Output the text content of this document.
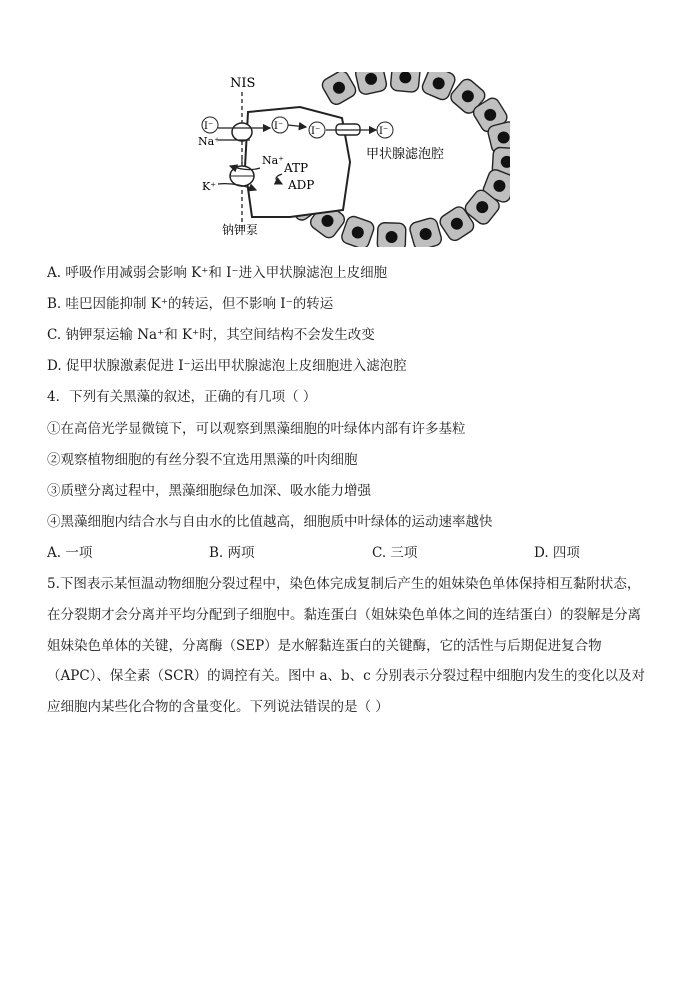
NIS
I⁻
Na⁺
I⁻	I⁻	I⁻
甲状腺滤泡腔
Na⁺
ATP
ADP
K⁺
钠钾泵
A. 呼吸作用减弱会影响 K⁺和 I⁻进入甲状腺滤泡上皮细胞
B. 哇巴因能抑制 K⁺的转运，但不影响 I⁻的转运
C. 钠钾泵运输 Na⁺和 K⁺时，其空间结构不会发生改变
D. 促甲状腺激素促进 I⁻运出甲状腺滤泡上皮细胞进入滤泡腔
4．下列有关黑藻的叙述，正确的有几项（ ）
①在高倍光学显微镜下，可以观察到黑藻细胞的叶绿体内部有许多基粒
②观察植物细胞的有丝分裂不宜选用黑藻的叶肉细胞
③质壁分离过程中，黑藻细胞绿色加深、吸水能力增强
④黑藻细胞内结合水与自由水的比值越高，细胞质中叶绿体的运动速率越快
A. 一项	B. 两项	C. 三项	D. 四项
5.下图表示某恒温动物细胞分裂过程中，染色体完成复制后产生的姐妹染色单体保持相互黏附状态，在分裂期才会分离并平均分配到子细胞中。黏连蛋白（姐妹染色单体之间的连结蛋白）的裂解是分离姐妹染色单体的关键，分离酶（SEP）是水解黏连蛋白的关键酶，它的活性与后期促进复合物（APC）、保全素（SCR）的调控有关。图中 a、b、c 分别表示分裂过程中细胞内发生的变化以及对应细胞内某些化合物的含量变化。下列说法错误的是（ ）
